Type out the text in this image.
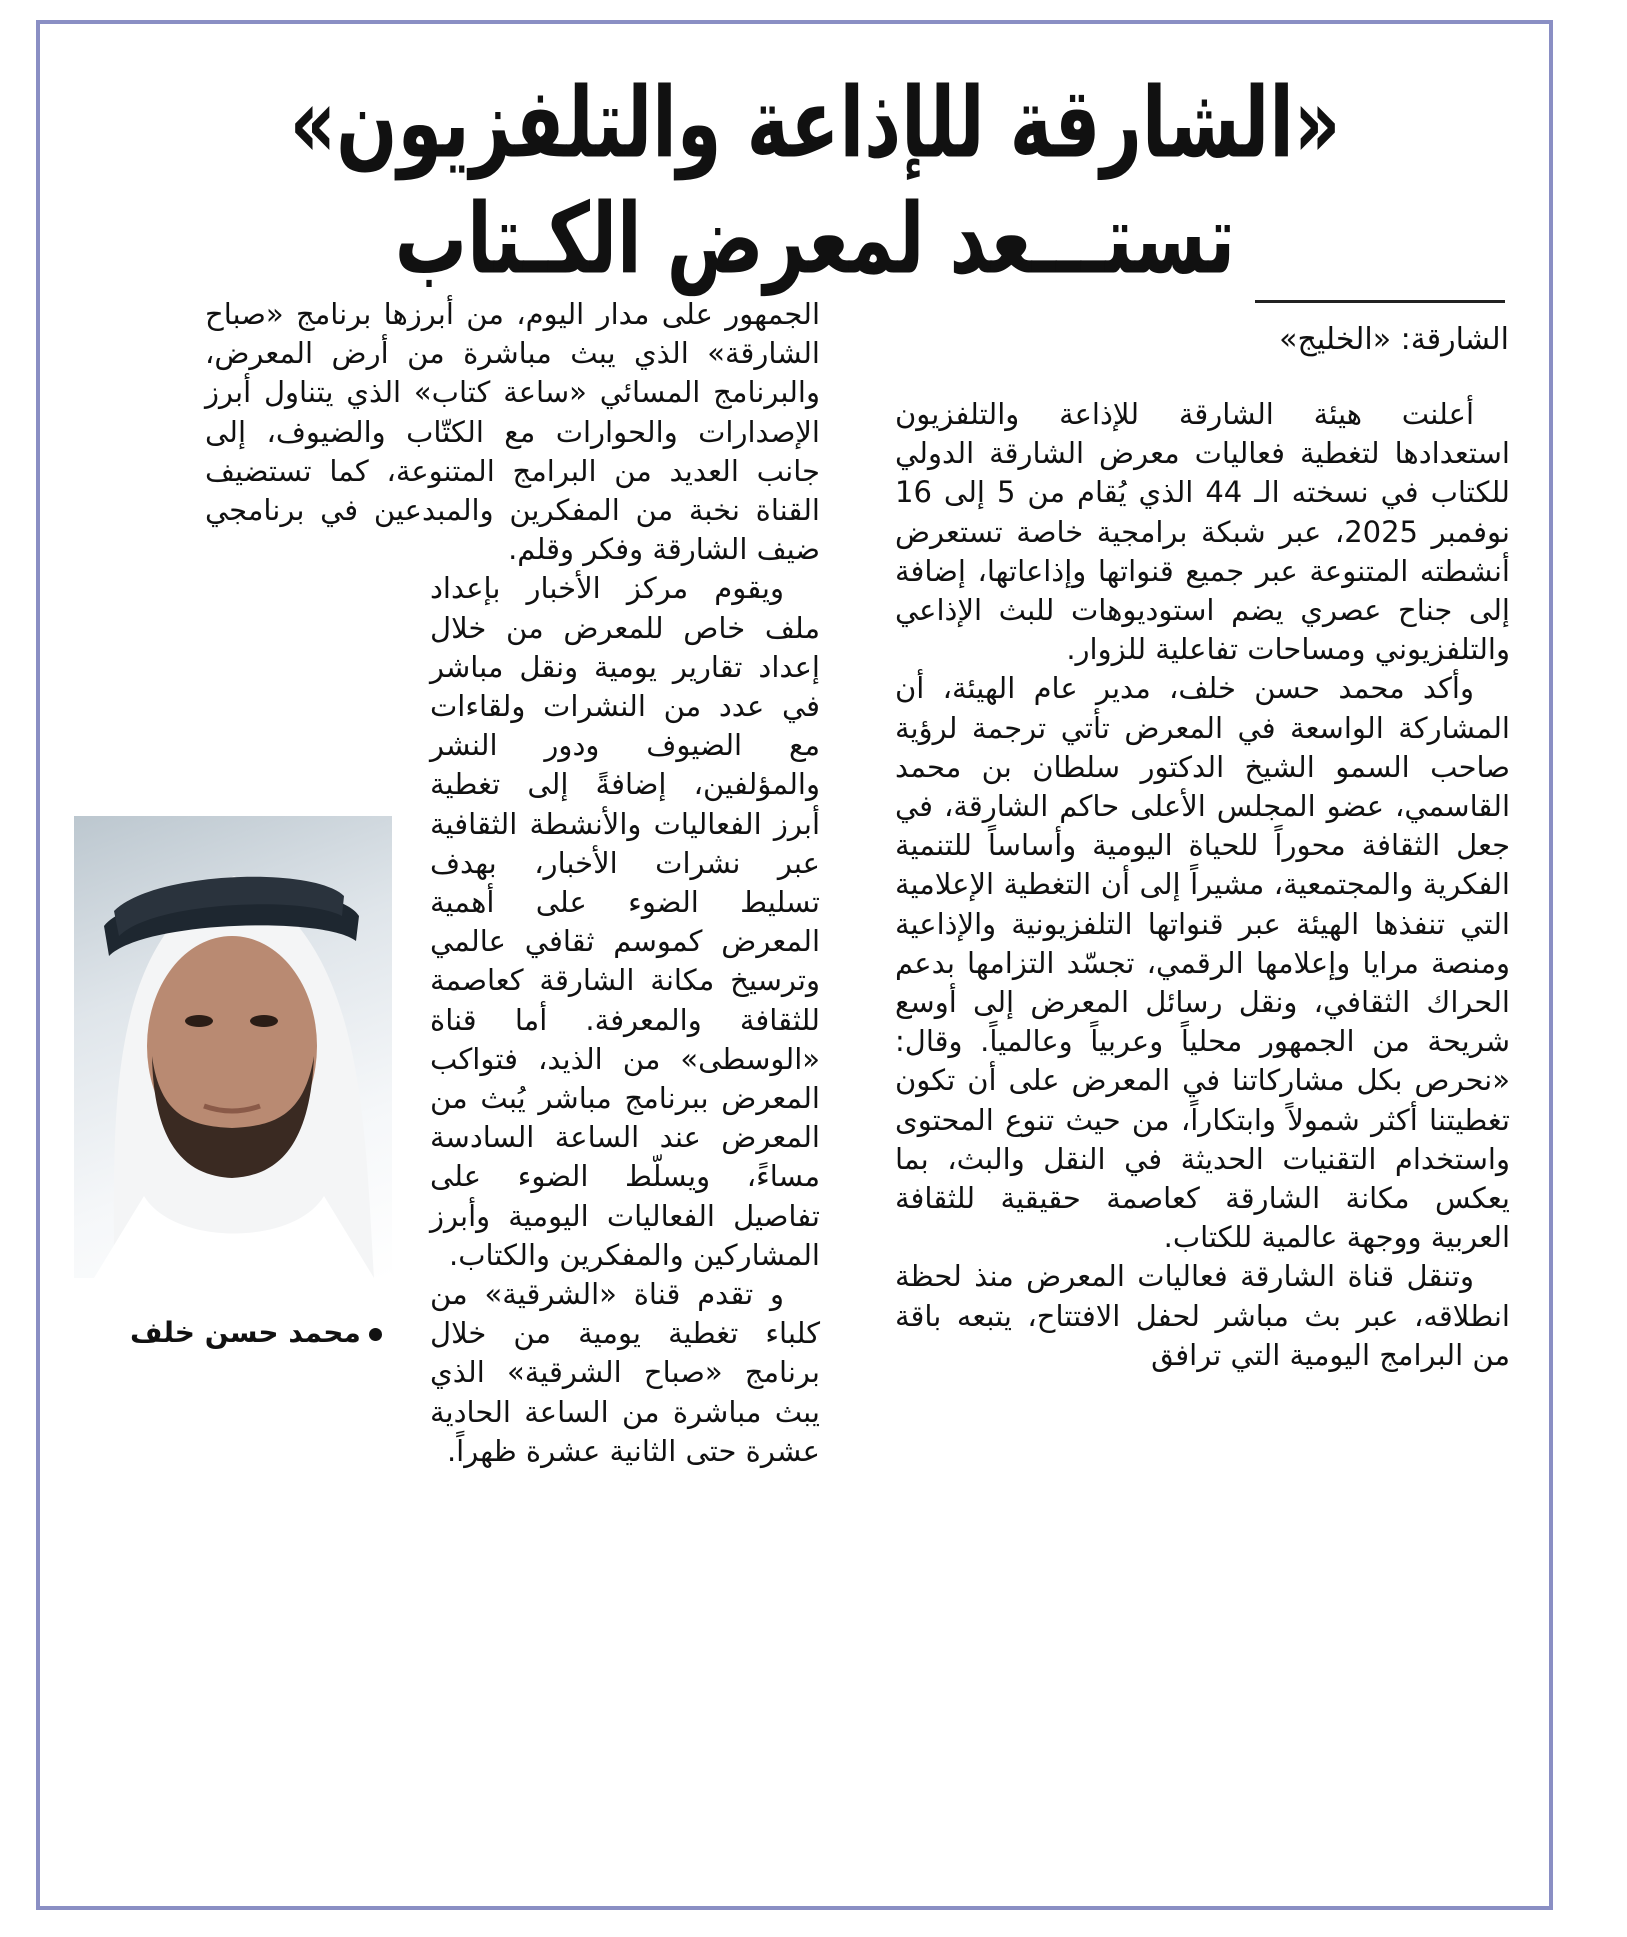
«الشارقة للإذاعة والتلفزيون»
تستـــعد لمعرض الكـتاب
الشارقة: «الخليج»

أعلنت هيئة الشارقة للإذاعة والتلفزيون استعدادها لتغطية فعاليات معرض الشارقة الدولي للكتاب في نسخته الـ 44 الذي يُقام من 5 إلى 16 نوفمبر 2025، عبر شبكة برامجية خاصة تستعرض أنشطته المتنوعة عبر جميع قنواتها وإذاعاتها، إضافة إلى جناح عصري يضم استوديوهات للبث الإذاعي والتلفزيوني ومساحات تفاعلية للزوار.

وأكد محمد حسن خلف، مدير عام الهيئة، أن المشاركة الواسعة في المعرض تأتي ترجمة لرؤية صاحب السمو الشيخ الدكتور سلطان بن محمد القاسمي، عضو المجلس الأعلى حاكم الشارقة، في جعل الثقافة محوراً للحياة اليومية وأساساً للتنمية الفكرية والمجتمعية، مشيراً إلى أن التغطية الإعلامية التي تنفذها الهيئة عبر قنواتها التلفزيونية والإذاعية ومنصة مرايا وإعلامها الرقمي، تجسّد التزامها بدعم الحراك الثقافي، ونقل رسائل المعرض إلى أوسع شريحة من الجمهور محلياً وعربياً وعالمياً. وقال: «نحرص بكل مشاركاتنا في المعرض على أن تكون تغطيتنا أكثر شمولاً وابتكاراً، من حيث تنوع المحتوى واستخدام التقنيات الحديثة في النقل والبث، بما يعكس مكانة الشارقة كعاصمة حقيقية للثقافة العربية ووجهة عالمية للكتاب.

وتنقل قناة الشارقة فعاليات المعرض منذ لحظة انطلاقه، عبر بث مباشر لحفل الافتتاح، يتبعه باقة من البرامج اليومية التي ترافق

الجمهور على مدار اليوم، من أبرزها برنامج «صباح الشارقة» الذي يبث مباشرة من أرض المعرض، والبرنامج المسائي «ساعة كتاب» الذي يتناول أبرز الإصدارات والحوارات مع الكتّاب والضيوف، إلى جانب العديد من البرامج المتنوعة، كما تستضيف القناة نخبة من المفكرين والمبدعين في برنامجي ضيف الشارقة وفكر وقلم.

ويقوم مركز الأخبار بإعداد ملف خاص للمعرض من خلال إعداد تقارير يومية ونقل مباشر في عدد من النشرات ولقاءات مع الضيوف ودور النشر والمؤلفين، إضافةً إلى تغطية أبرز الفعاليات والأنشطة الثقافية عبر نشرات الأخبار، بهدف تسليط الضوء على أهمية المعرض كموسم ثقافي عالمي وترسيخ مكانة الشارقة كعاصمة للثقافة والمعرفة. أما قناة «الوسطى» من الذيد، فتواكب المعرض ببرنامج مباشر يُبث من المعرض عند الساعة السادسة مساءً، ويسلّط الضوء على تفاصيل الفعاليات اليومية وأبرز المشاركين والمفكرين والكتاب.

و تقدم قناة «الشرقية» من كلباء تغطية يومية من خلال برنامج «صباح الشرقية» الذي يبث مباشرة من الساعة الحادية عشرة حتى الثانية عشرة ظهراً.

محمد حسن خلف
